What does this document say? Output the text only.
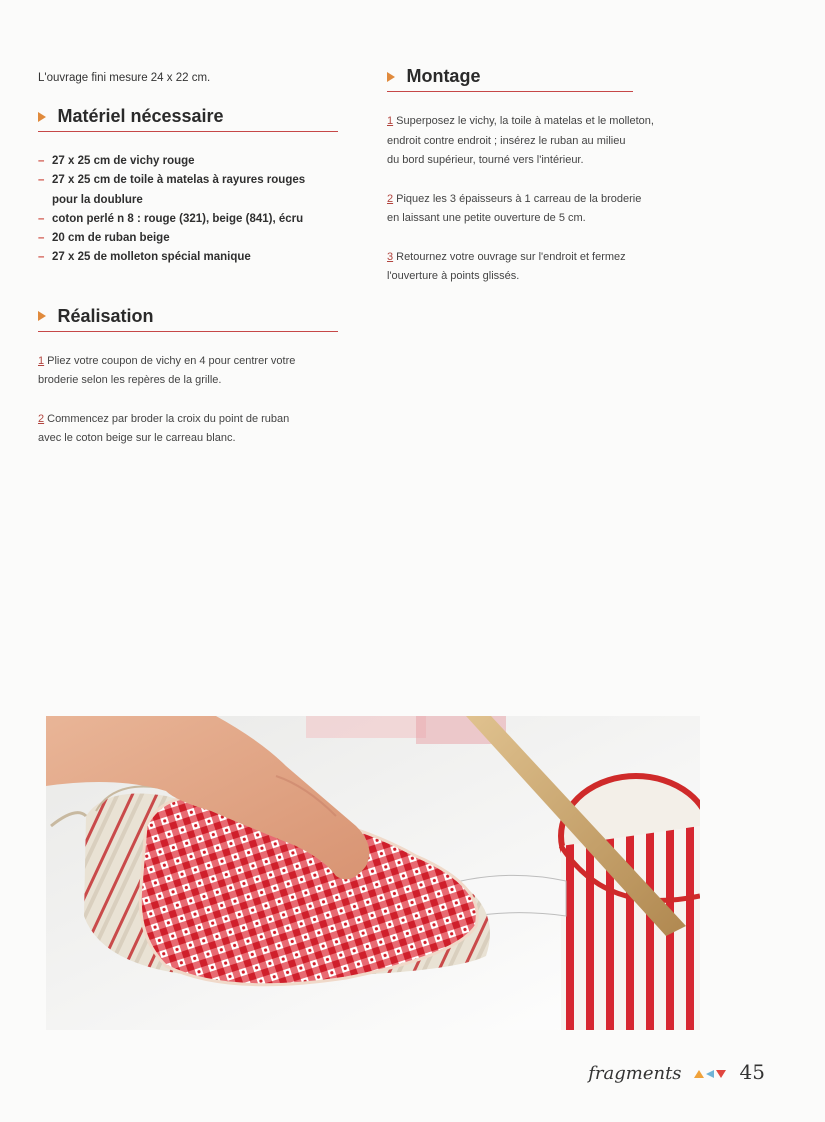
L'ouvrage fini mesure 24 x 22 cm.

Matériel nécessaire
– 27 x 25 cm de vichy rouge
– 27 x 25 cm de toile à matelas à rayures rouges
pour la doublure
– coton perlé n 8 : rouge (321), beige (841), écru
– 20 cm de ruban beige
– 27 x 25 de molleton spécial manique
Réalisation

1 Pliez votre coupon de vichy en 4 pour centrer votre
broderie selon les repères de la grille.

2 Commencez par broder la croix du point de ruban
avec le coton beige sur le carreau blanc.

Montage

1 Superposez le vichy, la toile à matelas et le molleton,
endroit contre endroit ; insérez le ruban au milieu
du bord supérieur, tourné vers l'intérieur.

2 Piquez les 3 épaisseurs à 1 carreau de la broderie
en laissant une petite ouverture de 5 cm.

3 Retournez votre ouvrage sur l'endroit et fermez
l'ouverture à points glissés.

fragments	45
